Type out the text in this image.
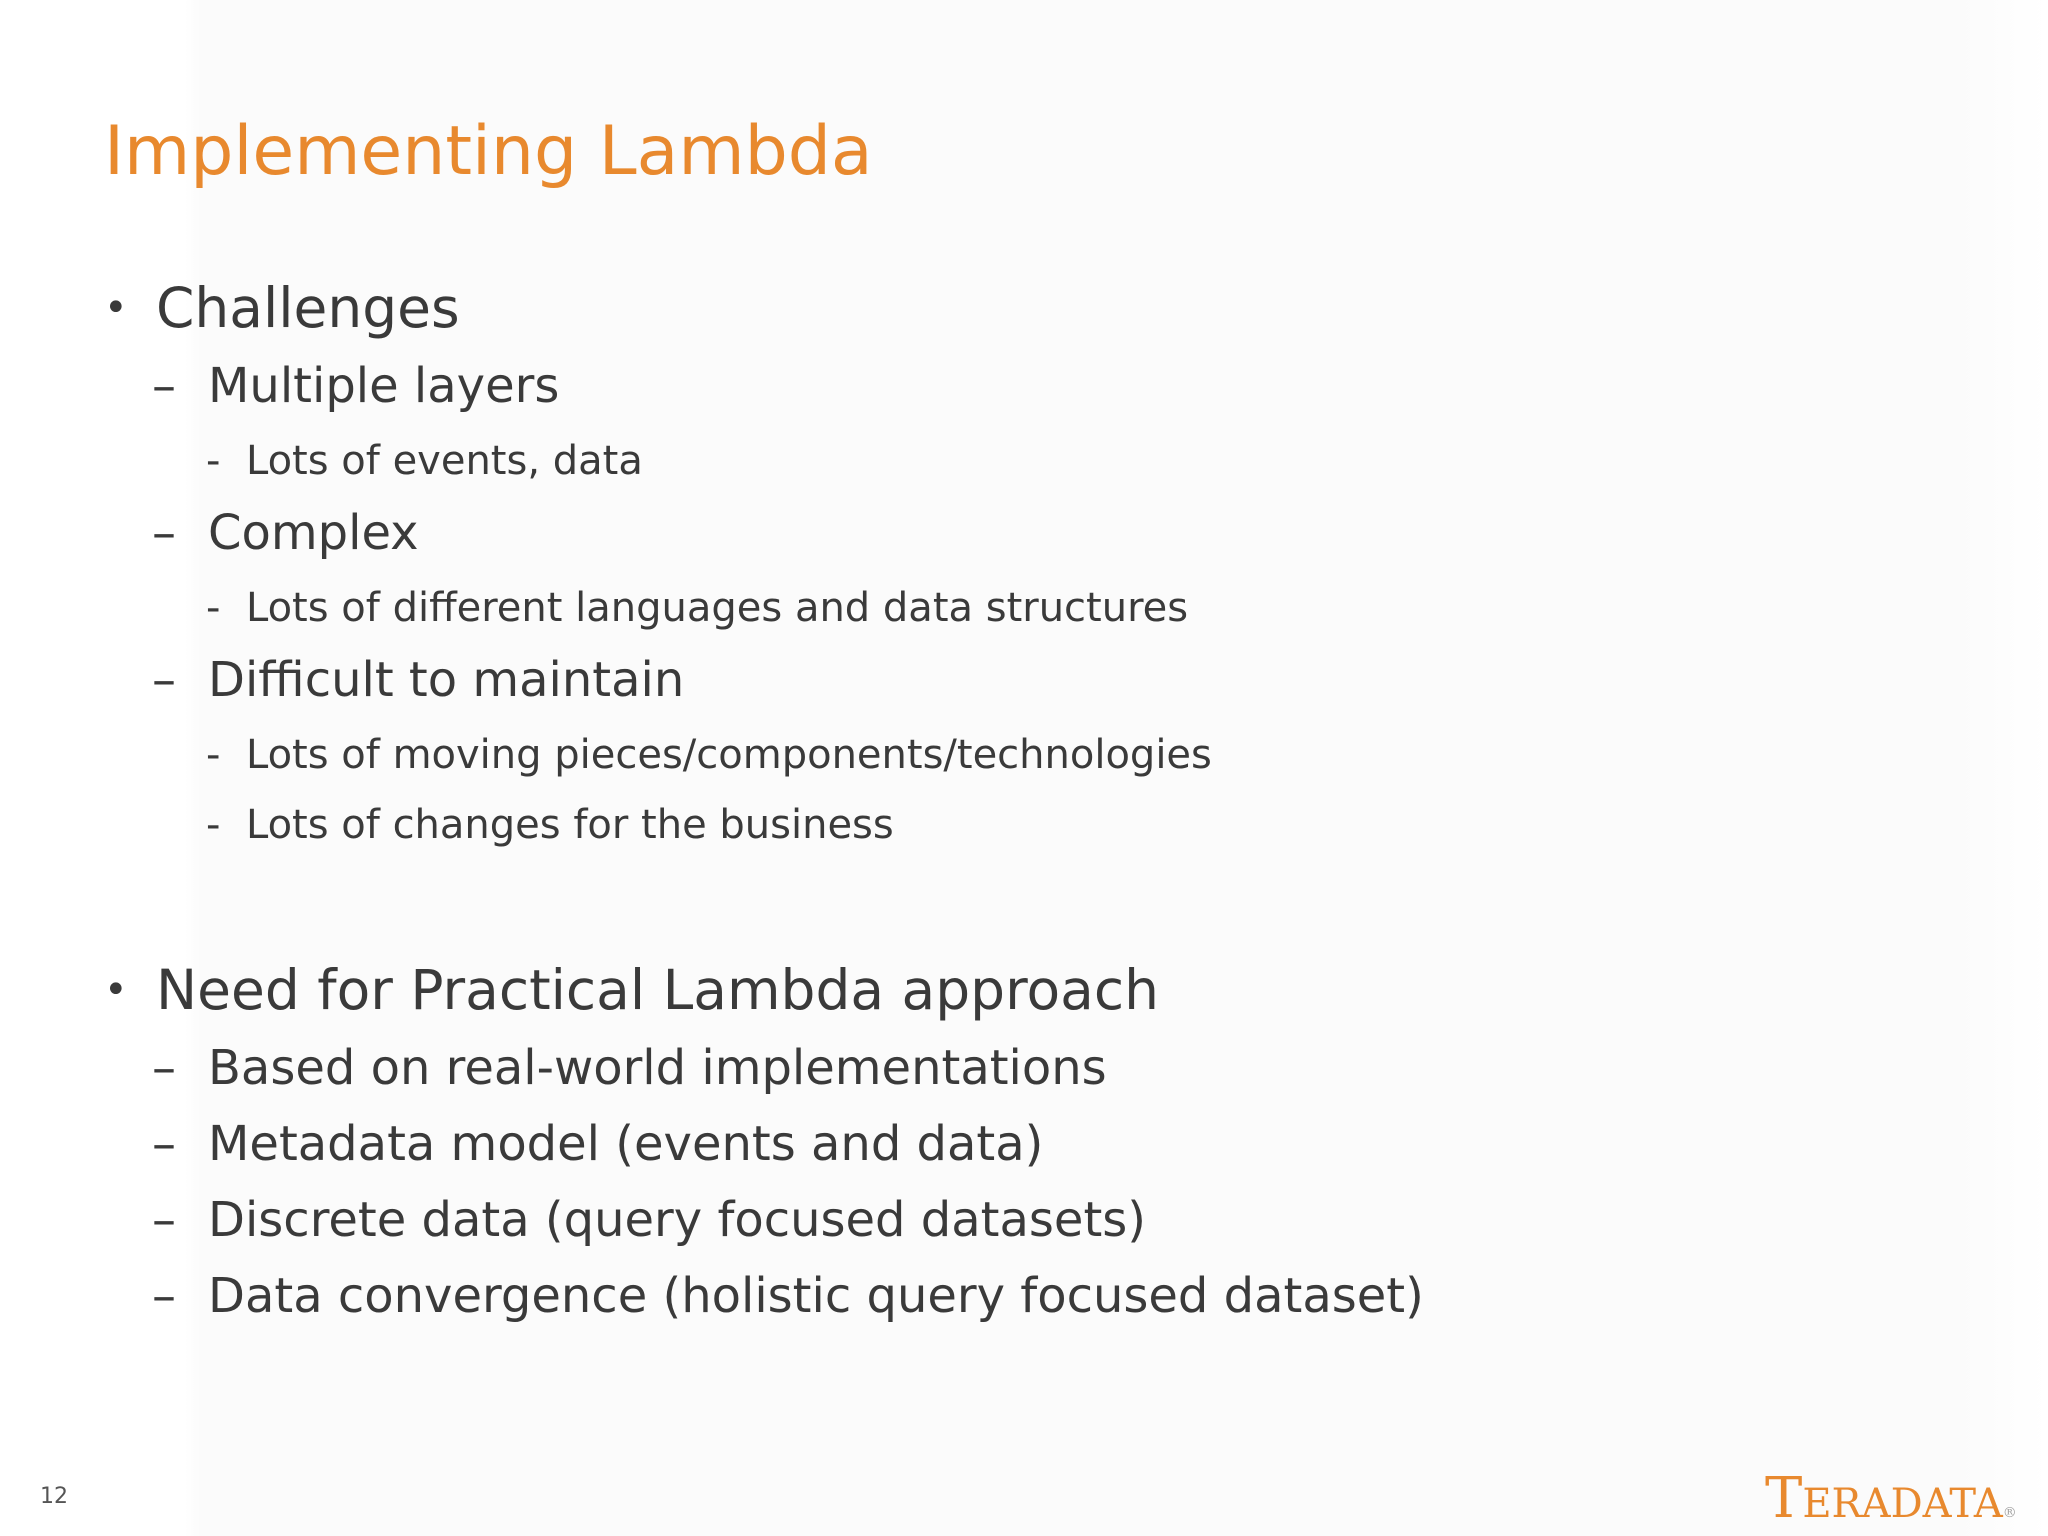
Implementing Lambda
• Challenges
– Multiple layers
- Lots of events, data
– Complex
- Lots of different languages and data structures
– Difficult to maintain
- Lots of moving pieces/components/technologies
- Lots of changes for the business
• Need for Practical Lambda approach
– Based on real-world implementations
– Metadata model (events and data)
– Discrete data (query focused datasets)
– Data convergence (holistic query focused dataset)
12	TERADATA®
